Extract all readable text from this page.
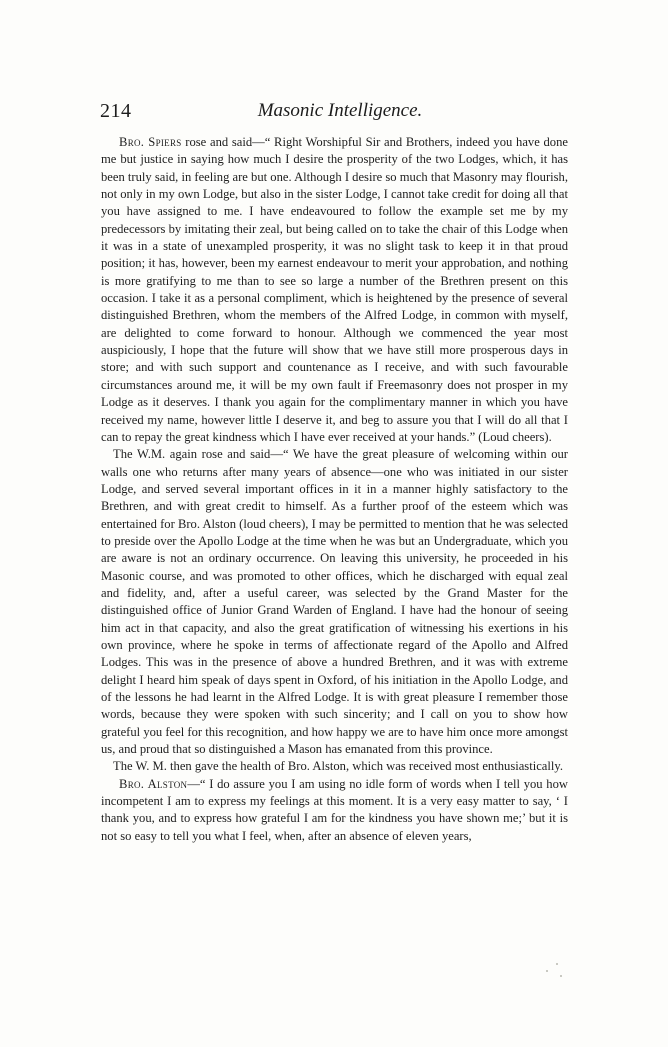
214	Masonic Intelligence.

Bro. Spiers rose and said—“ Right Worshipful Sir and Brothers, indeed you have done me but justice in saying how much I desire the prosperity of the two Lodges, which, it has been truly said, in feeling are but one. Although I desire so much that Masonry may flourish, not only in my own Lodge, but also in the sister Lodge, I cannot take credit for doing all that you have assigned to me. I have endeavoured to follow the example set me by my predecessors by imitating their zeal, but being called on to take the chair of this Lodge when it was in a state of unexampled prosperity, it was no slight task to keep it in that proud position; it has, however, been my earnest endeavour to merit your approbation, and nothing is more gratifying to me than to see so large a number of the Brethren present on this occasion. I take it as a personal compliment, which is heightened by the presence of several distinguished Brethren, whom the members of the Alfred Lodge, in common with myself, are delighted to come forward to honour. Although we commenced the year most auspiciously, I hope that the future will show that we have still more prosperous days in store; and with such support and countenance as I receive, and with such favourable circumstances around me, it will be my own fault if Freemasonry does not prosper in my Lodge as it deserves. I thank you again for the complimentary manner in which you have received my name, however little I deserve it, and beg to assure you that I will do all that I can to repay the great kindness which I have ever received at your hands.” (Loud cheers).

The W.M. again rose and said—“ We have the great pleasure of welcoming within our walls one who returns after many years of absence—one who was initiated in our sister Lodge, and served several important offices in it in a manner highly satisfactory to the Brethren, and with great credit to himself. As a further proof of the esteem which was entertained for Bro. Alston (loud cheers), I may be permitted to mention that he was selected to preside over the Apollo Lodge at the time when he was but an Undergraduate, which you are aware is not an ordinary occurrence. On leaving this university, he proceeded in his Masonic course, and was promoted to other offices, which he discharged with equal zeal and fidelity, and, after a useful career, was selected by the Grand Master for the distinguished office of Junior Grand Warden of England. I have had the honour of seeing him act in that capacity, and also the great gratification of witnessing his exertions in his own province, where he spoke in terms of affectionate regard of the Apollo and Alfred Lodges. This was in the presence of above a hundred Brethren, and it was with extreme delight I heard him speak of days spent in Oxford, of his initiation in the Apollo Lodge, and of the lessons he had learnt in the Alfred Lodge. It is with great pleasure I remember those words, because they were spoken with such sincerity; and I call on you to show how grateful you feel for this recognition, and how happy we are to have him once more amongst us, and proud that so distinguished a Mason has emanated from this province.

The W. M. then gave the health of Bro. Alston, which was received most enthusiastically.

Bro. Alston—“ I do assure you I am using no idle form of words when I tell you how incompetent I am to express my feelings at this moment. It is a very easy matter to say, ‘ I thank you, and to express how grateful I am for the kindness you have shown me;’ but it is not so easy to tell you what I feel, when, after an absence of eleven years,
